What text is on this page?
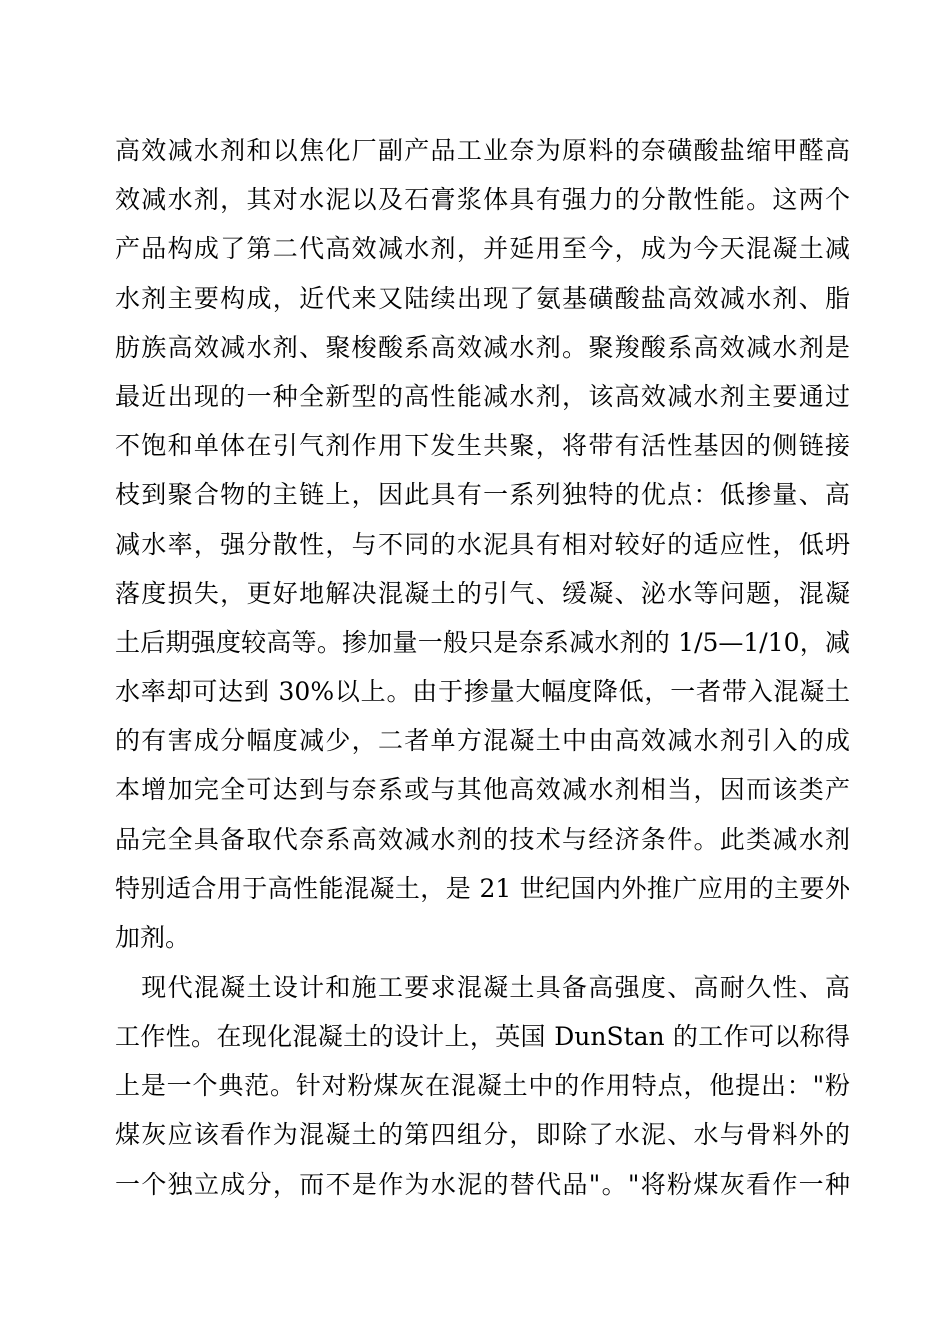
高效减水剂和以焦化厂副产品工业奈为原料的奈磺酸盐缩甲醛高
效减水剂，其对水泥以及石膏浆体具有强力的分散性能。这两个
产品构成了第二代高效减水剂，并延用至今，成为今天混凝土减
水剂主要构成，近代来又陆续出现了氨基磺酸盐高效减水剂、脂
肪族高效减水剂、聚梭酸系高效减水剂。聚羧酸系高效减水剂是
最近出现的一种全新型的高性能减水剂，该高效减水剂主要通过
不饱和单体在引气剂作用下发生共聚，将带有活性基因的侧链接
枝到聚合物的主链上，因此具有一系列独特的优点：低掺量、高
减水率，强分散性，与不同的水泥具有相对较好的适应性，低坍
落度损失，更好地解决混凝土的引气、缓凝、泌水等问题，混凝
土后期强度较高等。掺加量一般只是奈系减水剂的 1/5—1/10，减
水率却可达到 30%以上。由于掺量大幅度降低，一者带入混凝土
的有害成分幅度减少，二者单方混凝土中由高效减水剂引入的成
本增加完全可达到与奈系或与其他高效减水剂相当，因而该类产
品完全具备取代奈系高效减水剂的技术与经济条件。此类减水剂
特别适合用于高性能混凝土，是 21 世纪国内外推广应用的主要外
加剂。
　现代混凝土设计和施工要求混凝土具备高强度、高耐久性、高
工作性。在现化混凝土的设计上，英国 DunStan 的工作可以称得
上是一个典范。针对粉煤灰在混凝土中的作用特点，他提出："粉
煤灰应该看作为混凝土的第四组分，即除了水泥、水与骨料外的
一个独立成分，而不是作为水泥的替代品"。"将粉煤灰看作一种
